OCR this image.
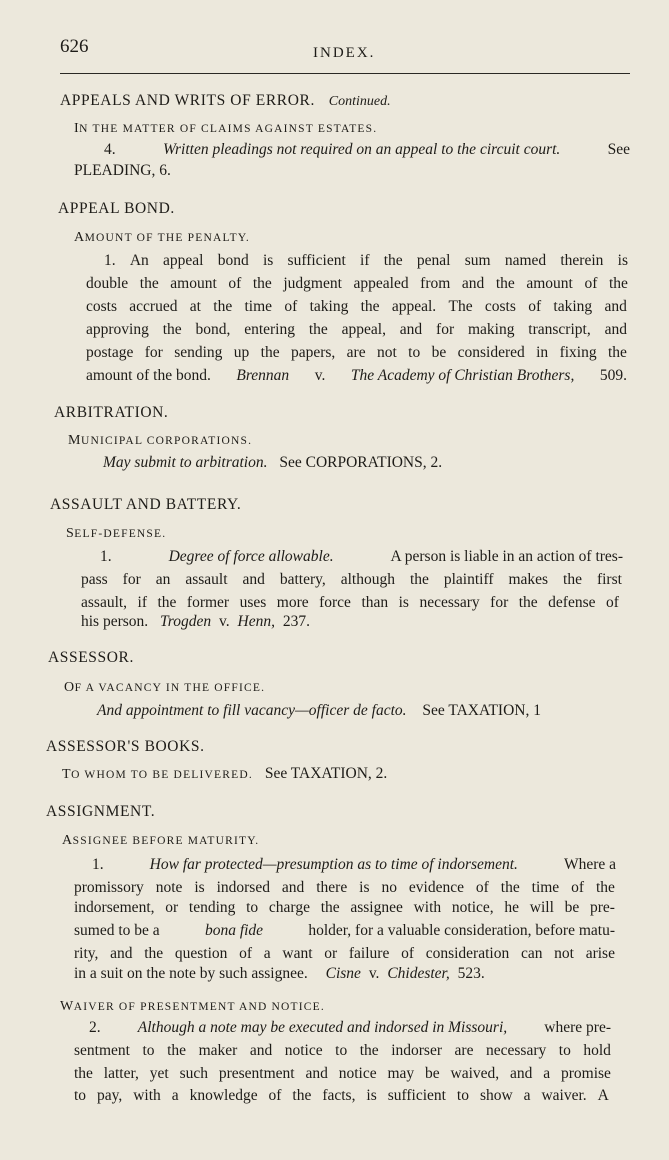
626	INDEX.
APPEALS AND WRITS OF ERROR. Continued.
IN THE MATTER OF CLAIMS AGAINST ESTATES.
4.	Written pleadings not required on an appeal to the circuit court.	See
PLEADING, 6.
APPEAL BOND.
AMOUNT OF THE PENALTY.
1. An appeal bond is sufficient if the penal sum named therein is
double the amount of the judgment appealed from and the amount of the
costs accrued at the time of taking the appeal. The costs of taking and
approving the bond, entering the appeal, and for making transcript, and
postage for sending up the papers, are not to be considered in fixing the
amount of the bond. Brennan v. The Academy of Christian Brothers, 509.
ARBITRATION.
MUNICIPAL CORPORATIONS.
May submit to arbitration. See CORPORATIONS, 2.
ASSAULT AND BATTERY.
SELF-DEFENSE.
1.	Degree of force allowable.	A person is liable in an action of tres-
pass for an assault and battery, although the plaintiff makes the first
assault, if the former uses more force than is necessary for the defense of
his person. Trogden v. Henn, 237.
ASSESSOR.
OF A VACANCY IN THE OFFICE.
And appointment to fill vacancy—officer de facto. See TAXATION, 1
ASSESSOR'S BOOKS.
TO WHOM TO BE DELIVERED. See TAXATION, 2.
ASSIGNMENT.
ASSIGNEE BEFORE MATURITY.
1.	How far protected—presumption as to time of indorsement.	Where a
promissory note is indorsed and there is no evidence of the time of the
indorsement, or tending to charge the assignee with notice, he will be pre-
sumed to be a	bona fide	holder, for a valuable consideration, before matu-
rity, and the question of a want or failure of consideration can not arise
in a suit on the note by such assignee. Cisne v. Chidester, 523.
WAIVER OF PRESENTMENT AND NOTICE.
2. Although a note may be executed and indorsed in Missouri, where pre-
sentment to the maker and notice to the indorser are necessary to hold
the latter, yet such presentment and notice may be waived, and a promise
to pay, with a knowledge of the facts, is sufficient to show a waiver. A
